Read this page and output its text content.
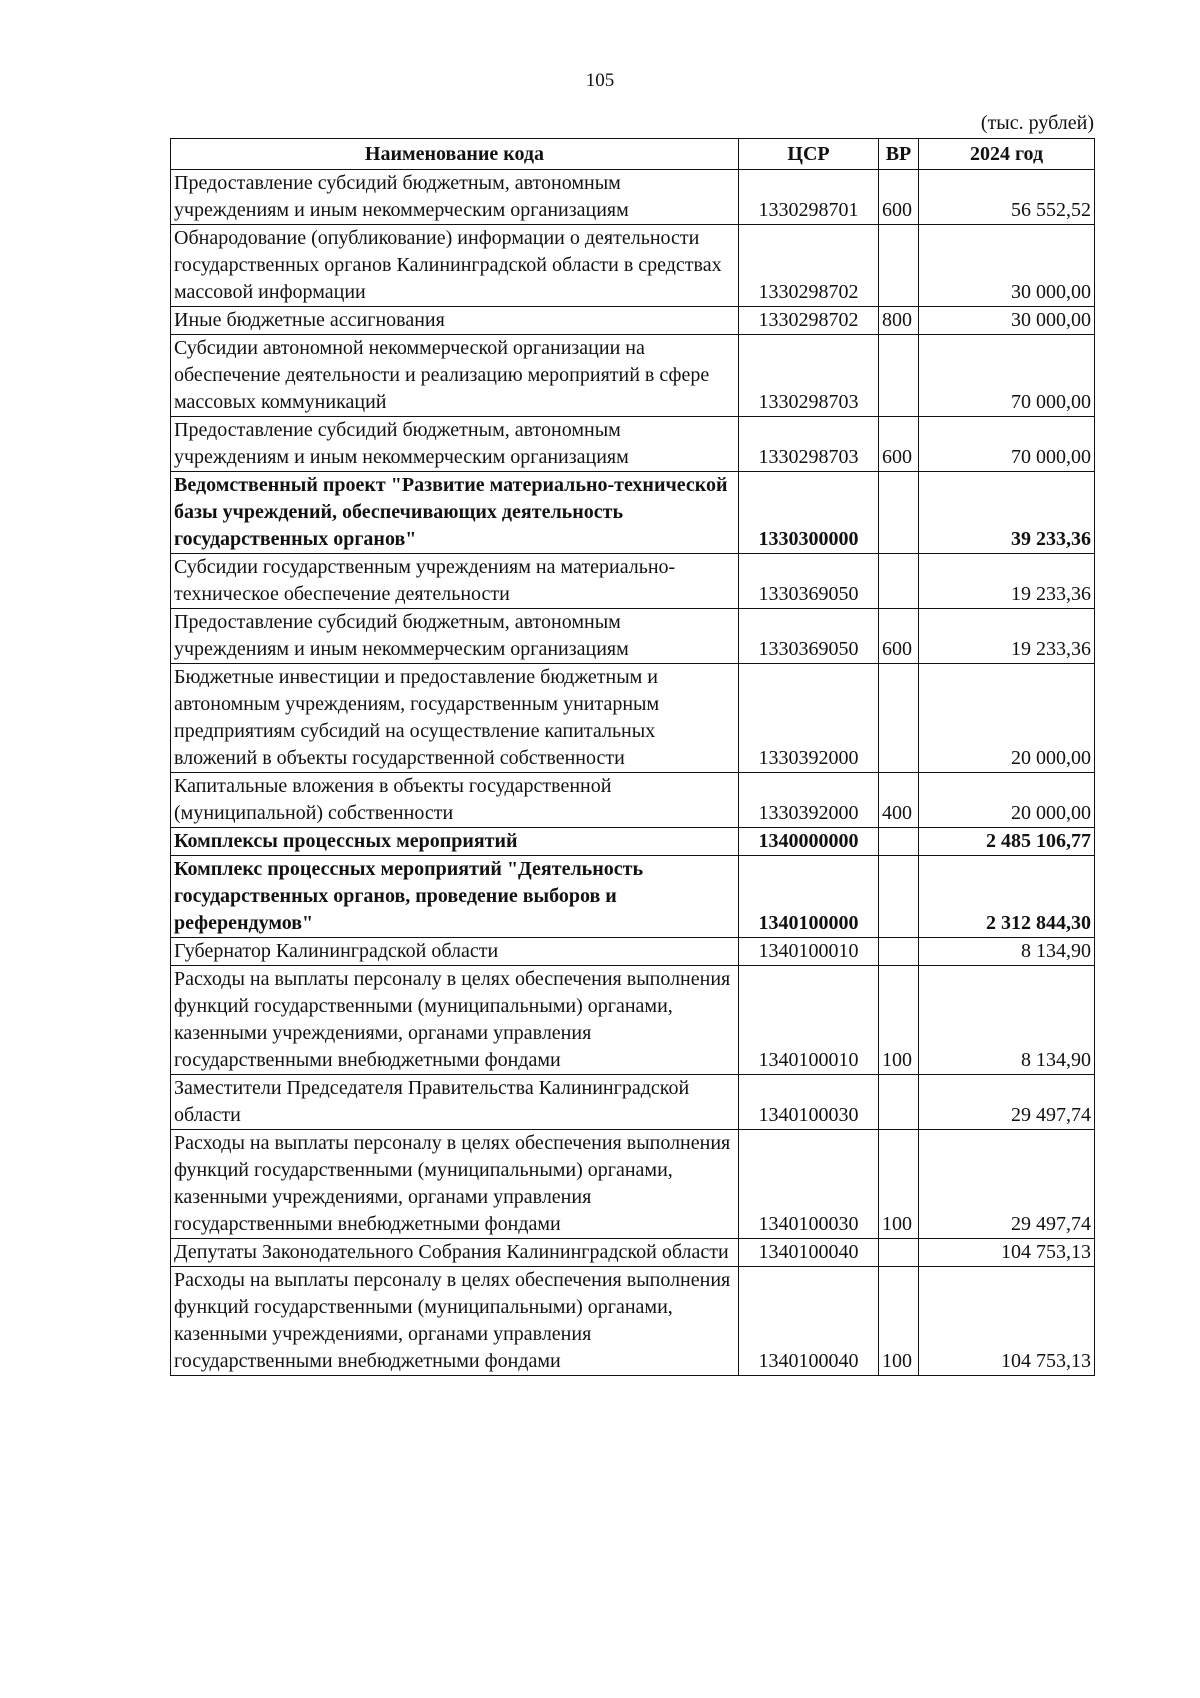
105
(тыс. рублей)
Наименование кода	ЦСР	ВР	2024 год
Предоставление субсидий бюджетным, автономным учреждениям и иным некоммерческим организациям	1330298701	600	56 552,52
Обнародование (опубликование) информации о деятельности государственных органов Калининградской области в средствах массовой информации	1330298702		30 000,00
Иные бюджетные ассигнования	1330298702	800	30 000,00
Субсидии автономной некоммерческой организации на обеспечение деятельности и реализацию мероприятий в сфере массовых коммуникаций	1330298703		70 000,00
Предоставление субсидий бюджетным, автономным учреждениям и иным некоммерческим организациям	1330298703	600	70 000,00
Ведомственный проект "Развитие материально-технической базы учреждений, обеспечивающих деятельность государственных органов"	1330300000		39 233,36
Субсидии государственным учреждениям на материально-техническое обеспечение деятельности	1330369050		19 233,36
Предоставление субсидий бюджетным, автономным учреждениям и иным некоммерческим организациям	1330369050	600	19 233,36
Бюджетные инвестиции и предоставление бюджетным и автономным учреждениям, государственным унитарным предприятиям субсидий на осуществление капитальных вложений в объекты государственной собственности	1330392000		20 000,00
Капитальные вложения в объекты государственной (муниципальной) собственности	1330392000	400	20 000,00
Комплексы процессных мероприятий	1340000000		2 485 106,77
Комплекс процессных мероприятий "Деятельность государственных органов, проведение выборов и референдумов"	1340100000		2 312 844,30
Губернатор Калининградской области	1340100010		8 134,90
Расходы на выплаты персоналу в целях обеспечения выполнения функций государственными (муниципальными) органами, казенными учреждениями, органами управления государственными внебюджетными фондами	1340100010	100	8 134,90
Заместители Председателя Правительства Калининградской области	1340100030		29 497,74
Расходы на выплаты персоналу в целях обеспечения выполнения функций государственными (муниципальными) органами, казенными учреждениями, органами управления государственными внебюджетными фондами	1340100030	100	29 497,74
Депутаты Законодательного Собрания Калининградской области	1340100040		104 753,13
Расходы на выплаты персоналу в целях обеспечения выполнения функций государственными (муниципальными) органами, казенными учреждениями, органами управления государственными внебюджетными фондами	1340100040	100	104 753,13
